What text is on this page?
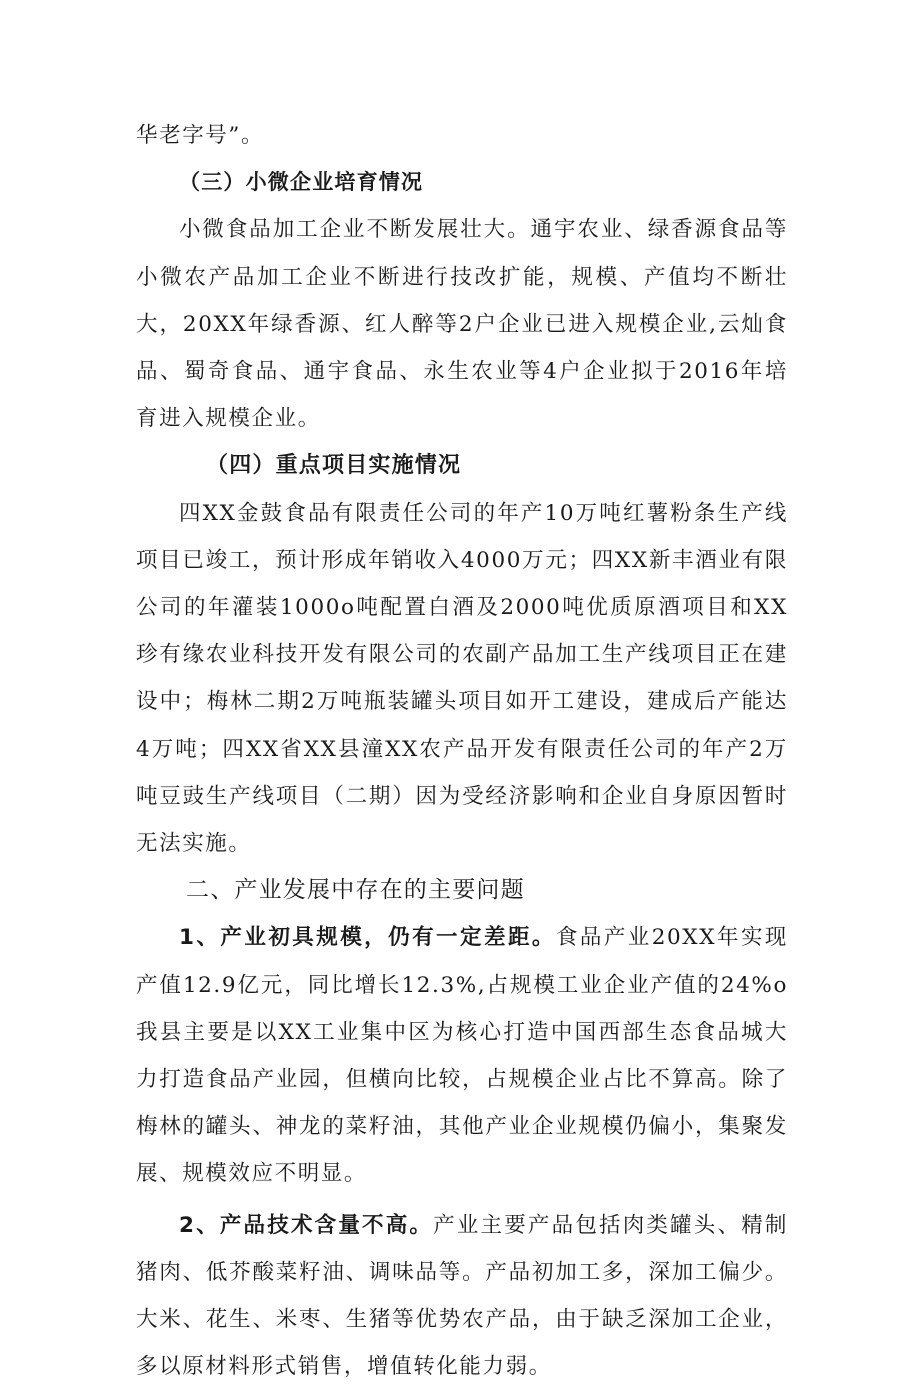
华老字号”。

（三）小微企业培育情况

小微食品加工企业不断发展壮大。通宇农业、绿香源食品等小微农产品加工企业不断进行技改扩能，规模、产值均不断壮大，20XX年绿香源、红人醉等2户企业已进入规模企业,云灿食品、蜀奇食品、通宇食品、永生农业等4户企业拟于2016年培育进入规模企业。

（四）重点项目实施情况

四XX金鼓食品有限责任公司的年产10万吨红薯粉条生产线项目已竣工，预计形成年销收入4000万元；四XX新丰酒业有限公司的年灌装1000o吨配置白酒及2000吨优质原酒项目和XX珍有缘农业科技开发有限公司的农副产品加工生产线项目正在建设中；梅林二期2万吨瓶装罐头项目如开工建设，建成后产能达4万吨；四XX省XX县潼XX农产品开发有限责任公司的年产2万吨豆豉生产线项目（二期）因为受经济影响和企业自身原因暂时无法实施。

二、产业发展中存在的主要问题

1、产业初具规模，仍有一定差距。食品产业20XX年实现产值12.9亿元，同比增长12.3%,占规模工业企业产值的24%o我县主要是以XX工业集中区为核心打造中国西部生态食品城大力打造食品产业园，但横向比较，占规模企业占比不算高。除了梅林的罐头、神龙的菜籽油，其他产业企业规模仍偏小，集聚发展、规模效应不明显。

2、产品技术含量不高。产业主要产品包括肉类罐头、精制猪肉、低芥酸菜籽油、调味品等。产品初加工多，深加工偏少。大米、花生、米枣、生猪等优势农产品，由于缺乏深加工企业，多以原材料形式销售，增值转化能力弱。
